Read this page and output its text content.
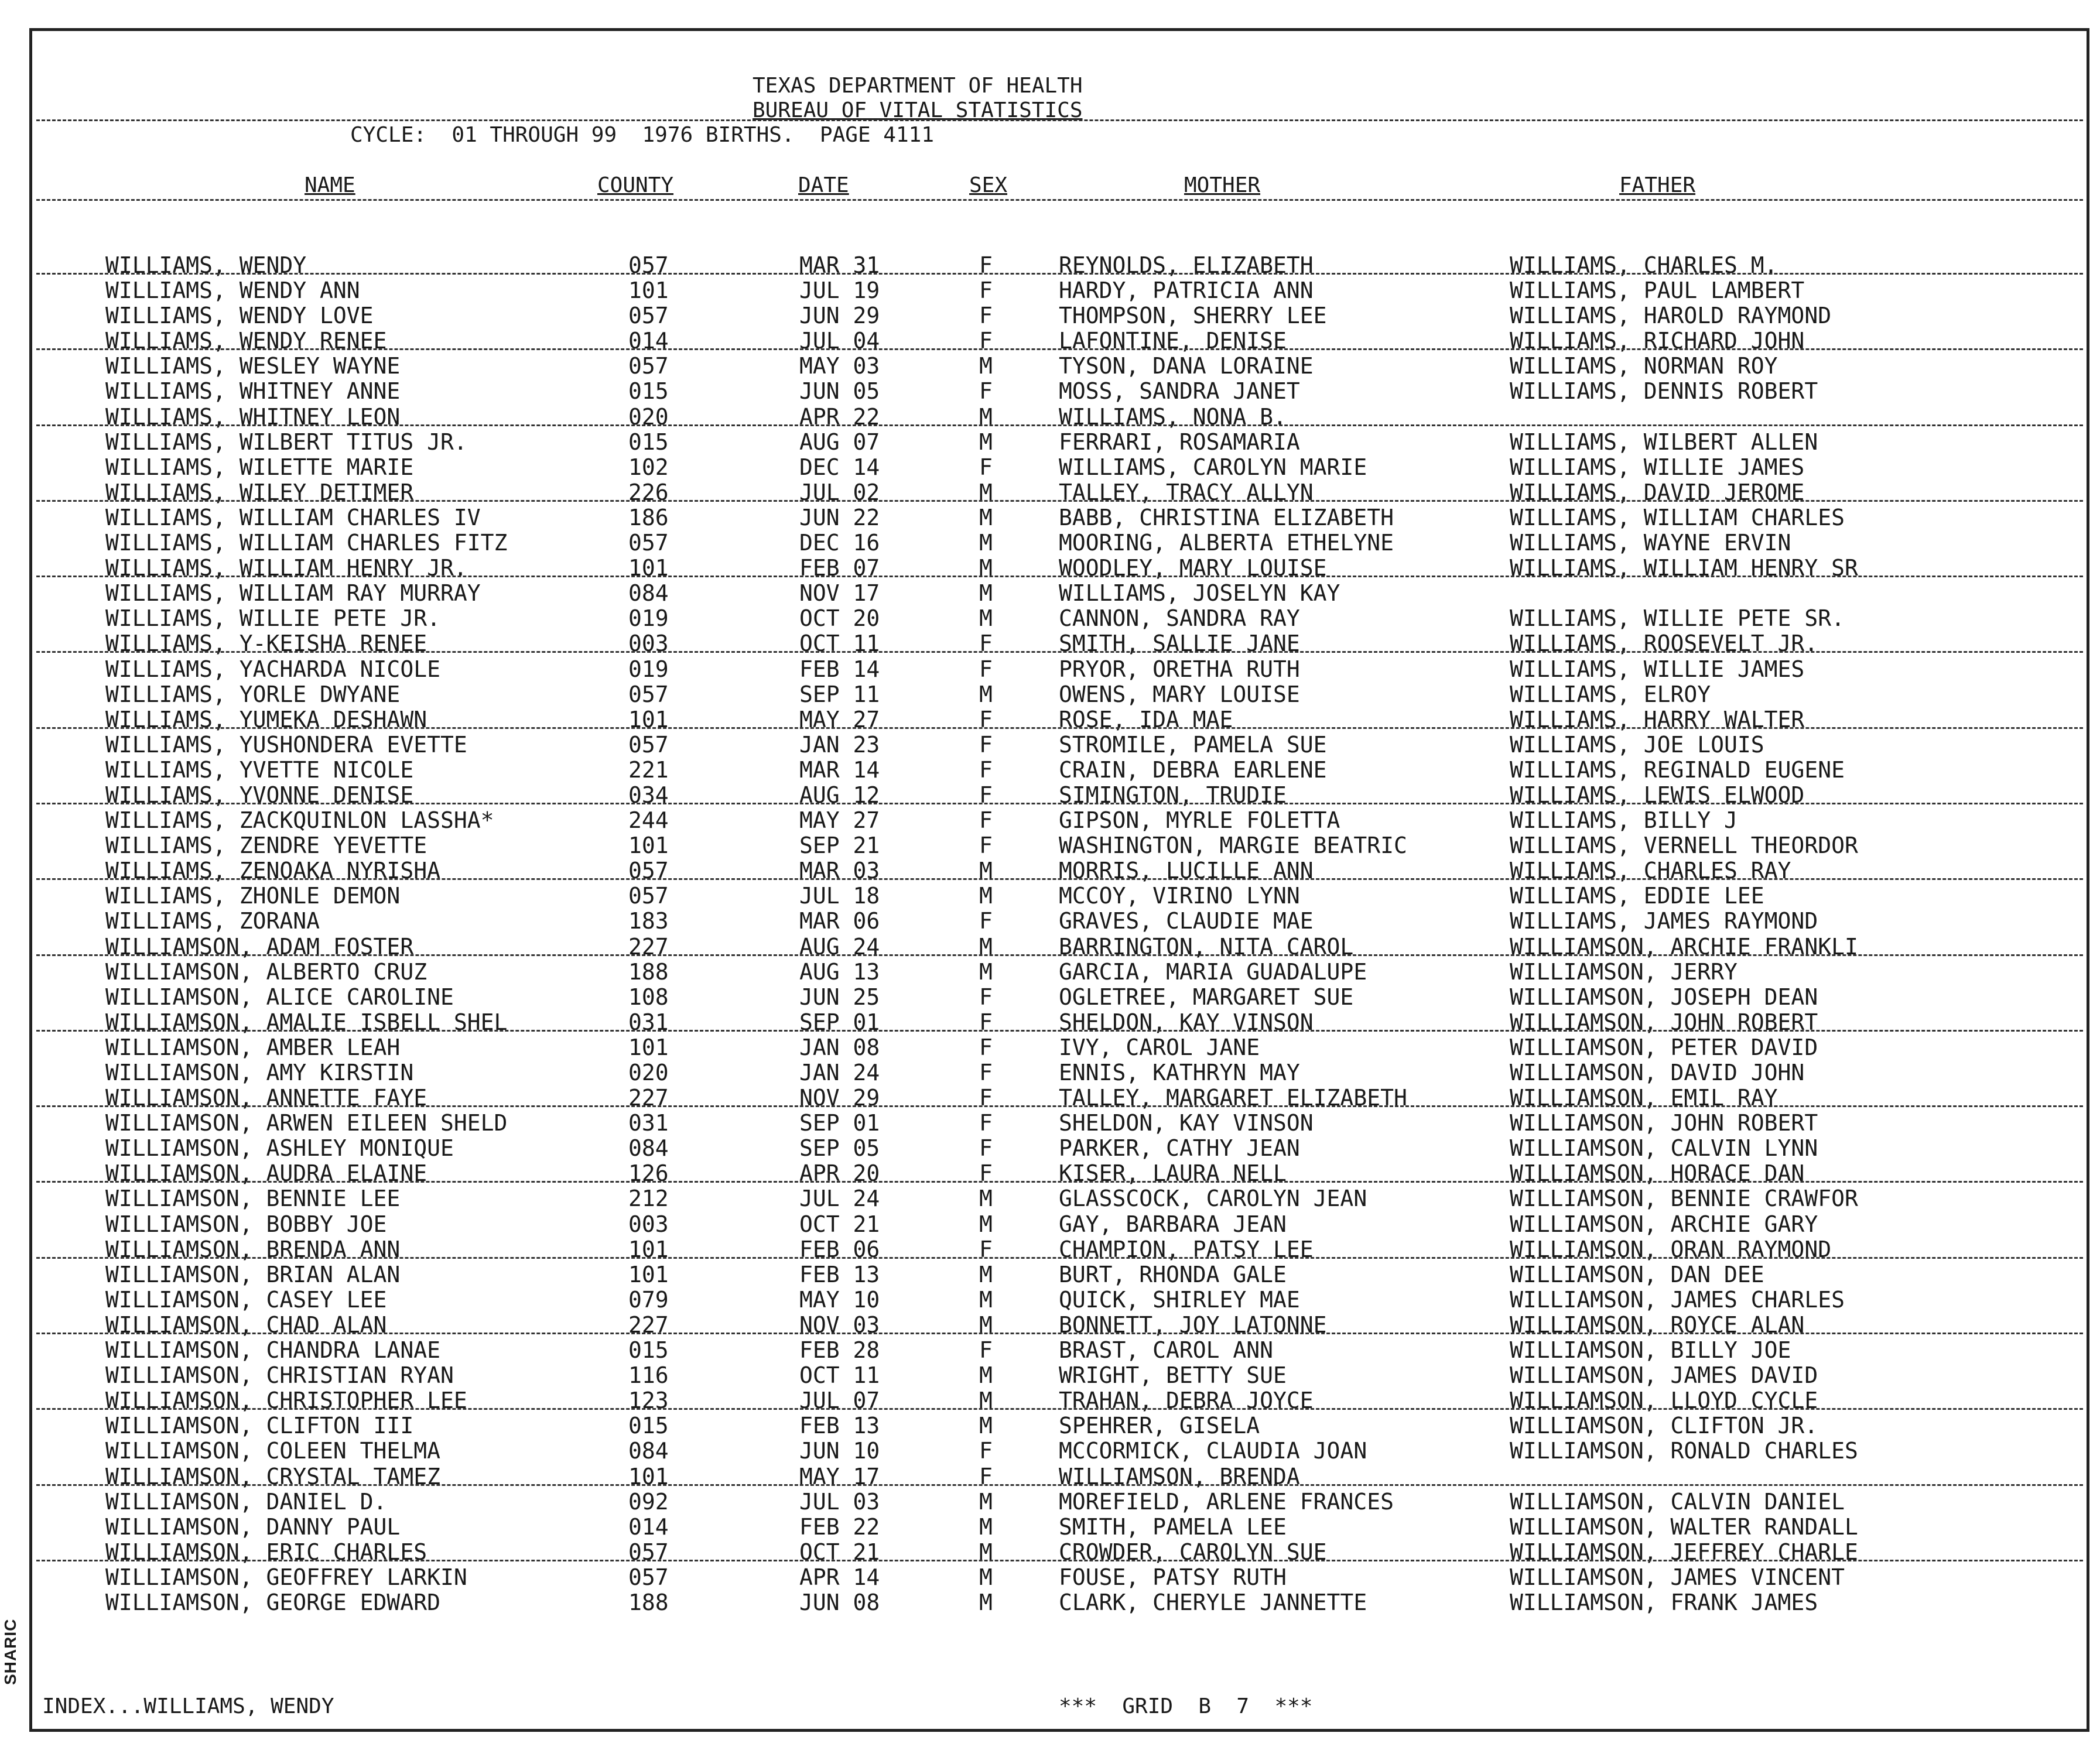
SHARIC
TEXAS DEPARTMENT OF HEALTH
BUREAU OF VITAL STATISTICS
CYCLE:  01 THROUGH 99  1976 BIRTHS.  PAGE 4111
NAME	COUNTY	DATE	SEX	MOTHER	FATHER
WILLIAMS, WENDY	057	MAR 31	F	REYNOLDS, ELIZABETH	WILLIAMS, CHARLES M.
WILLIAMS, WENDY ANN	101	JUL 19	F	HARDY, PATRICIA ANN	WILLIAMS, PAUL LAMBERT
WILLIAMS, WENDY LOVE	057	JUN 29	F	THOMPSON, SHERRY LEE	WILLIAMS, HAROLD RAYMOND
WILLIAMS, WENDY RENEE	014	JUL 04	F	LAFONTINE, DENISE	WILLIAMS, RICHARD JOHN
WILLIAMS, WESLEY WAYNE	057	MAY 03	M	TYSON, DANA LORAINE	WILLIAMS, NORMAN ROY
WILLIAMS, WHITNEY ANNE	015	JUN 05	F	MOSS, SANDRA JANET	WILLIAMS, DENNIS ROBERT
WILLIAMS, WHITNEY LEON	020	APR 22	M	WILLIAMS, NONA B.
WILLIAMS, WILBERT TITUS JR.	015	AUG 07	M	FERRARI, ROSAMARIA	WILLIAMS, WILBERT ALLEN
WILLIAMS, WILETTE MARIE	102	DEC 14	F	WILLIAMS, CAROLYN MARIE	WILLIAMS, WILLIE JAMES
WILLIAMS, WILEY DETIMER	226	JUL 02	M	TALLEY, TRACY ALLYN	WILLIAMS, DAVID JEROME
WILLIAMS, WILLIAM CHARLES IV	186	JUN 22	M	BABB, CHRISTINA ELIZABETH	WILLIAMS, WILLIAM CHARLES
WILLIAMS, WILLIAM CHARLES FITZ	057	DEC 16	M	MOORING, ALBERTA ETHELYNE	WILLIAMS, WAYNE ERVIN
WILLIAMS, WILLIAM HENRY JR.	101	FEB 07	M	WOODLEY, MARY LOUISE	WILLIAMS, WILLIAM HENRY SR
WILLIAMS, WILLIAM RAY MURRAY	084	NOV 17	M	WILLIAMS, JOSELYN KAY
WILLIAMS, WILLIE PETE JR.	019	OCT 20	M	CANNON, SANDRA RAY	WILLIAMS, WILLIE PETE SR.
WILLIAMS, Y-KEISHA RENEE	003	OCT 11	F	SMITH, SALLIE JANE	WILLIAMS, ROOSEVELT JR.
WILLIAMS, YACHARDA NICOLE	019	FEB 14	F	PRYOR, ORETHA RUTH	WILLIAMS, WILLIE JAMES
WILLIAMS, YORLE DWYANE	057	SEP 11	M	OWENS, MARY LOUISE	WILLIAMS, ELROY
WILLIAMS, YUMEKA DESHAWN	101	MAY 27	F	ROSE, IDA MAE	WILLIAMS, HARRY WALTER
WILLIAMS, YUSHONDERA EVETTE	057	JAN 23	F	STROMILE, PAMELA SUE	WILLIAMS, JOE LOUIS
WILLIAMS, YVETTE NICOLE	221	MAR 14	F	CRAIN, DEBRA EARLENE	WILLIAMS, REGINALD EUGENE
WILLIAMS, YVONNE DENISE	034	AUG 12	F	SIMINGTON, TRUDIE	WILLIAMS, LEWIS ELWOOD
WILLIAMS, ZACKQUINLON LASSHA*	244	MAY 27	F	GIPSON, MYRLE FOLETTA	WILLIAMS, BILLY J
WILLIAMS, ZENDRE YEVETTE	101	SEP 21	F	WASHINGTON, MARGIE BEATRIC	WILLIAMS, VERNELL THEORDOR
WILLIAMS, ZENOAKA NYRISHA	057	MAR 03	M	MORRIS, LUCILLE ANN	WILLIAMS, CHARLES RAY
WILLIAMS, ZHONLE DEMON	057	JUL 18	M	MCCOY, VIRINO LYNN	WILLIAMS, EDDIE LEE
WILLIAMS, ZORANA	183	MAR 06	F	GRAVES, CLAUDIE MAE	WILLIAMS, JAMES RAYMOND
WILLIAMSON, ADAM FOSTER	227	AUG 24	M	BARRINGTON, NITA CAROL	WILLIAMSON, ARCHIE FRANKLI
WILLIAMSON, ALBERTO CRUZ	188	AUG 13	M	GARCIA, MARIA GUADALUPE	WILLIAMSON, JERRY
WILLIAMSON, ALICE CAROLINE	108	JUN 25	F	OGLETREE, MARGARET SUE	WILLIAMSON, JOSEPH DEAN
WILLIAMSON, AMALIE ISBELL SHEL	031	SEP 01	F	SHELDON, KAY VINSON	WILLIAMSON, JOHN ROBERT
WILLIAMSON, AMBER LEAH	101	JAN 08	F	IVY, CAROL JANE	WILLIAMSON, PETER DAVID
WILLIAMSON, AMY KIRSTIN	020	JAN 24	F	ENNIS, KATHRYN MAY	WILLIAMSON, DAVID JOHN
WILLIAMSON, ANNETTE FAYE	227	NOV 29	F	TALLEY, MARGARET ELIZABETH	WILLIAMSON, EMIL RAY
WILLIAMSON, ARWEN EILEEN SHELD	031	SEP 01	F	SHELDON, KAY VINSON	WILLIAMSON, JOHN ROBERT
WILLIAMSON, ASHLEY MONIQUE	084	SEP 05	F	PARKER, CATHY JEAN	WILLIAMSON, CALVIN LYNN
WILLIAMSON, AUDRA ELAINE	126	APR 20	F	KISER, LAURA NELL	WILLIAMSON, HORACE DAN
WILLIAMSON, BENNIE LEE	212	JUL 24	M	GLASSCOCK, CAROLYN JEAN	WILLIAMSON, BENNIE CRAWFOR
WILLIAMSON, BOBBY JOE	003	OCT 21	M	GAY, BARBARA JEAN	WILLIAMSON, ARCHIE GARY
WILLIAMSON, BRENDA ANN	101	FEB 06	F	CHAMPION, PATSY LEE	WILLIAMSON, ORAN RAYMOND
WILLIAMSON, BRIAN ALAN	101	FEB 13	M	BURT, RHONDA GALE	WILLIAMSON, DAN DEE
WILLIAMSON, CASEY LEE	079	MAY 10	M	QUICK, SHIRLEY MAE	WILLIAMSON, JAMES CHARLES
WILLIAMSON, CHAD ALAN	227	NOV 03	M	BONNETT, JOY LATONNE	WILLIAMSON, ROYCE ALAN
WILLIAMSON, CHANDRA LANAE	015	FEB 28	F	BRAST, CAROL ANN	WILLIAMSON, BILLY JOE
WILLIAMSON, CHRISTIAN RYAN	116	OCT 11	M	WRIGHT, BETTY SUE	WILLIAMSON, JAMES DAVID
WILLIAMSON, CHRISTOPHER LEE	123	JUL 07	M	TRAHAN, DEBRA JOYCE	WILLIAMSON, LLOYD CYCLE
WILLIAMSON, CLIFTON III	015	FEB 13	M	SPEHRER, GISELA	WILLIAMSON, CLIFTON JR.
WILLIAMSON, COLEEN THELMA	084	JUN 10	F	MCCORMICK, CLAUDIA JOAN	WILLIAMSON, RONALD CHARLES
WILLIAMSON, CRYSTAL TAMEZ	101	MAY 17	F	WILLIAMSON, BRENDA
WILLIAMSON, DANIEL D.	092	JUL 03	M	MOREFIELD, ARLENE FRANCES	WILLIAMSON, CALVIN DANIEL
WILLIAMSON, DANNY PAUL	014	FEB 22	M	SMITH, PAMELA LEE	WILLIAMSON, WALTER RANDALL
WILLIAMSON, ERIC CHARLES	057	OCT 21	M	CROWDER, CAROLYN SUE	WILLIAMSON, JEFFREY CHARLE
WILLIAMSON, GEOFFREY LARKIN	057	APR 14	M	FOUSE, PATSY RUTH	WILLIAMSON, JAMES VINCENT
WILLIAMSON, GEORGE EDWARD	188	JUN 08	M	CLARK, CHERYLE JANNETTE	WILLIAMSON, FRANK JAMES
INDEX...WILLIAMS, WENDY	***  GRID  B  7  ***
